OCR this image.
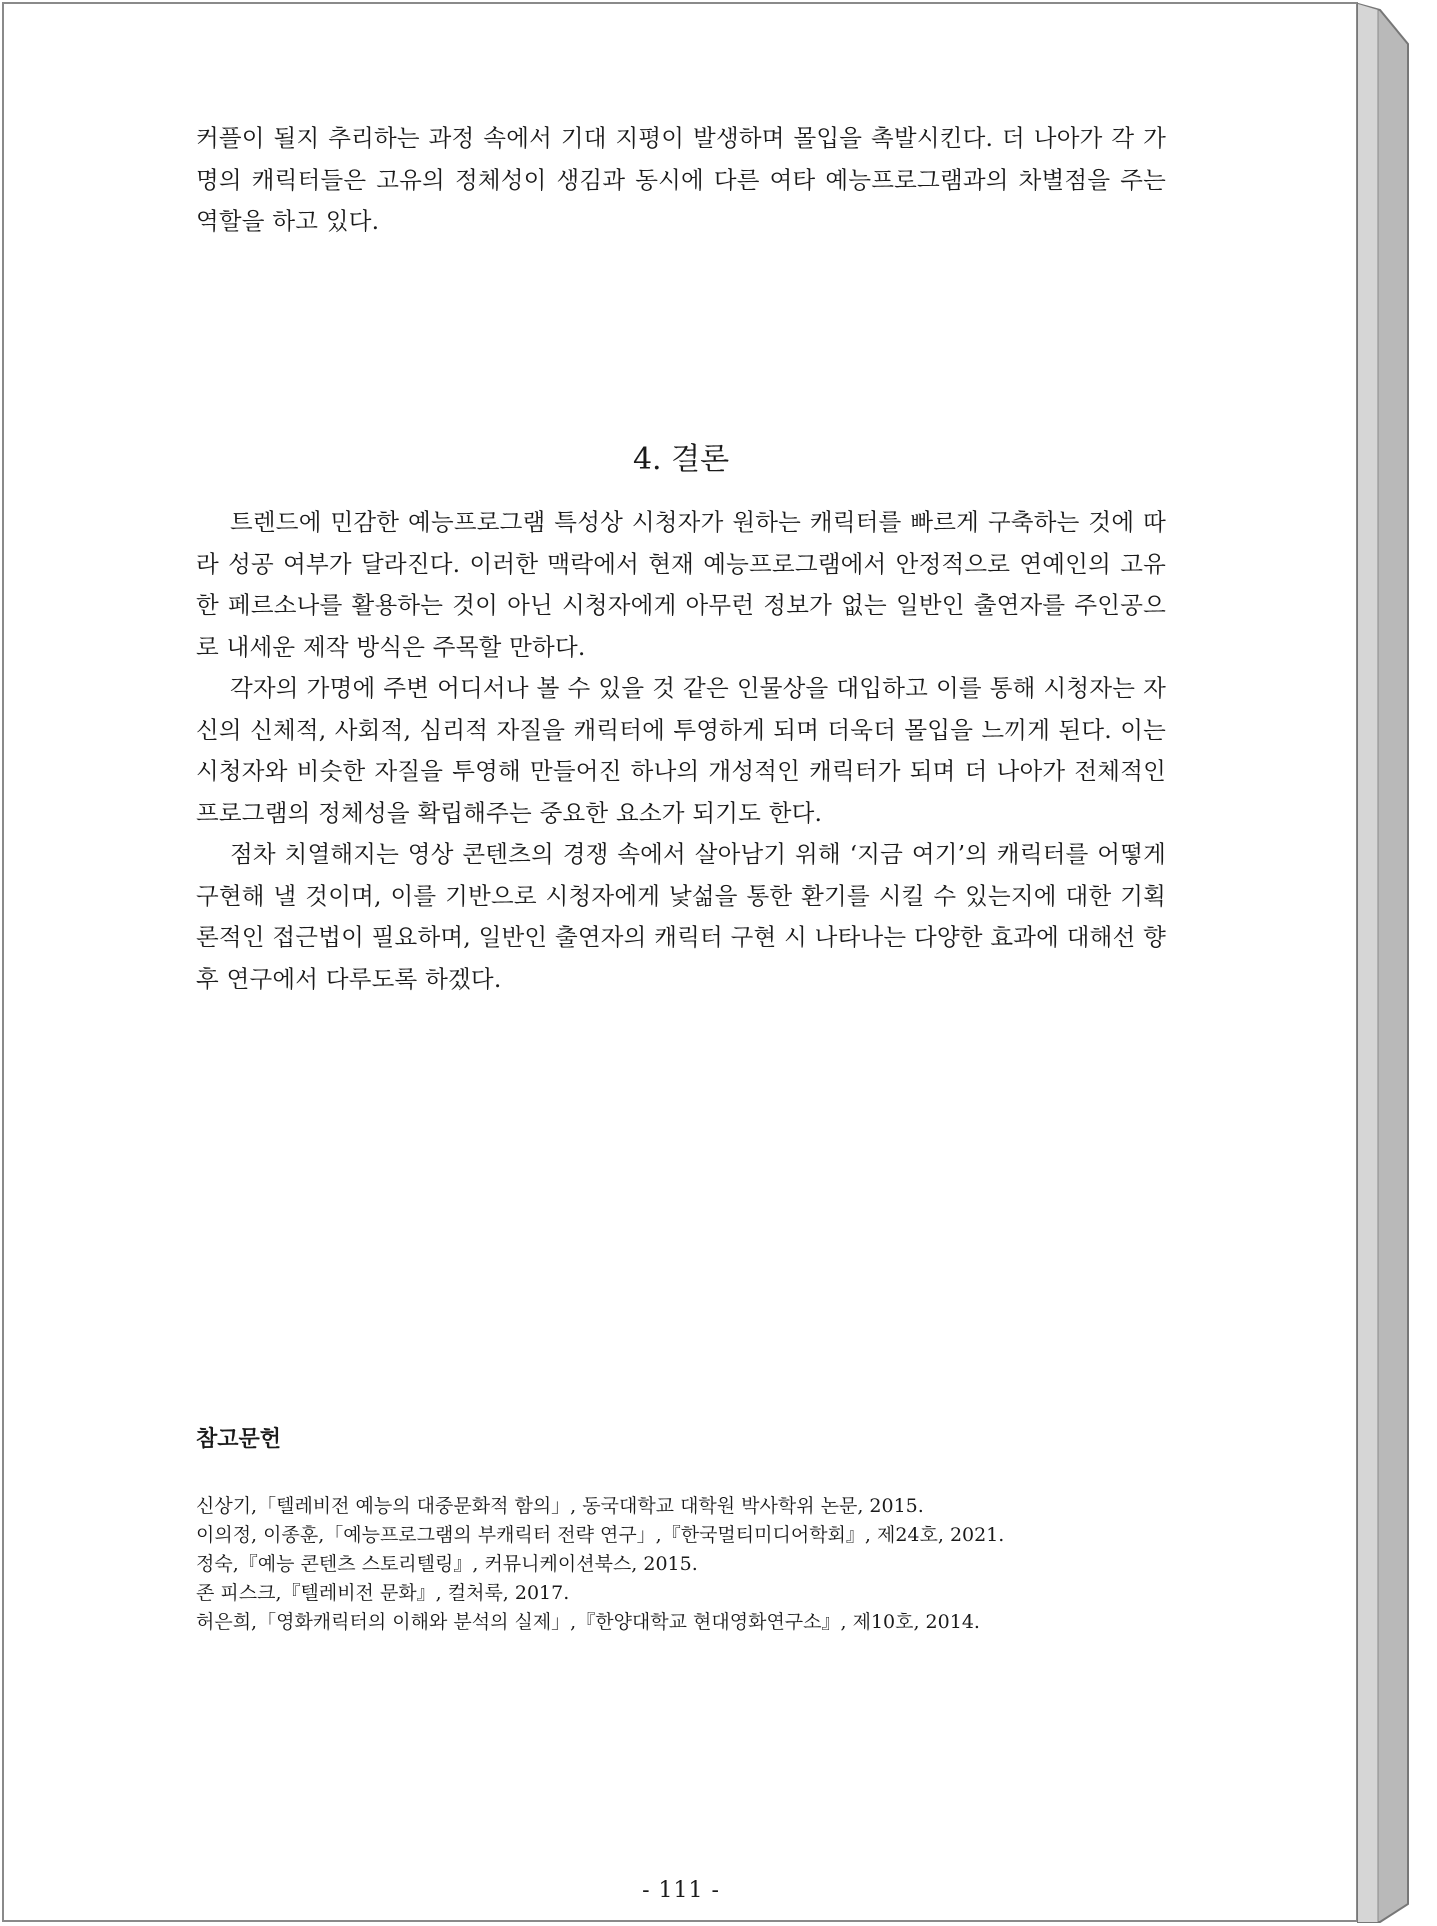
커플이 될지 추리하는 과정 속에서 기대 지평이 발생하며 몰입을 촉발시킨다. 더 나아가 각 가명의 캐릭터들은 고유의 정체성이 생김과 동시에 다른 여타 예능프로그램과의 차별점을 주는 역할을 하고 있다.

4. 결론

트렌드에 민감한 예능프로그램 특성상 시청자가 원하는 캐릭터를 빠르게 구축하는 것에 따라 성공 여부가 달라진다. 이러한 맥락에서 현재 예능프로그램에서 안정적으로 연예인의 고유한 페르소나를 활용하는 것이 아닌 시청자에게 아무런 정보가 없는 일반인 출연자를 주인공으로 내세운 제작 방식은 주목할 만하다.

각자의 가명에 주변 어디서나 볼 수 있을 것 같은 인물상을 대입하고 이를 통해 시청자는 자신의 신체적, 사회적, 심리적 자질을 캐릭터에 투영하게 되며 더욱더 몰입을 느끼게 된다. 이는 시청자와 비슷한 자질을 투영해 만들어진 하나의 개성적인 캐릭터가 되며 더 나아가 전체적인 프로그램의 정체성을 확립해주는 중요한 요소가 되기도 한다.

점차 치열해지는 영상 콘텐츠의 경쟁 속에서 살아남기 위해 ‘지금 여기’의 캐릭터를 어떻게 구현해 낼 것이며, 이를 기반으로 시청자에게 낯섦을 통한 환기를 시킬 수 있는지에 대한 기획론적인 접근법이 필요하며, 일반인 출연자의 캐릭터 구현 시 나타나는 다양한 효과에 대해선 향후 연구에서 다루도록 하겠다.

참고문헌
신상기,「텔레비전 예능의 대중문화적 함의」, 동국대학교 대학원 박사학위 논문, 2015.
이의정, 이종훈,「예능프로그램의 부캐릭터 전략 연구」,『한국멀티미디어학회』, 제24호, 2021.
정숙,『예능 콘텐츠 스토리텔링』, 커뮤니케이션북스, 2015.
존 피스크,『텔레비전 문화』, 컬처룩, 2017.
허은희,「영화캐릭터의 이해와 분석의 실제」,『한양대학교 현대영화연구소』, 제10호, 2014.
- 111 -
